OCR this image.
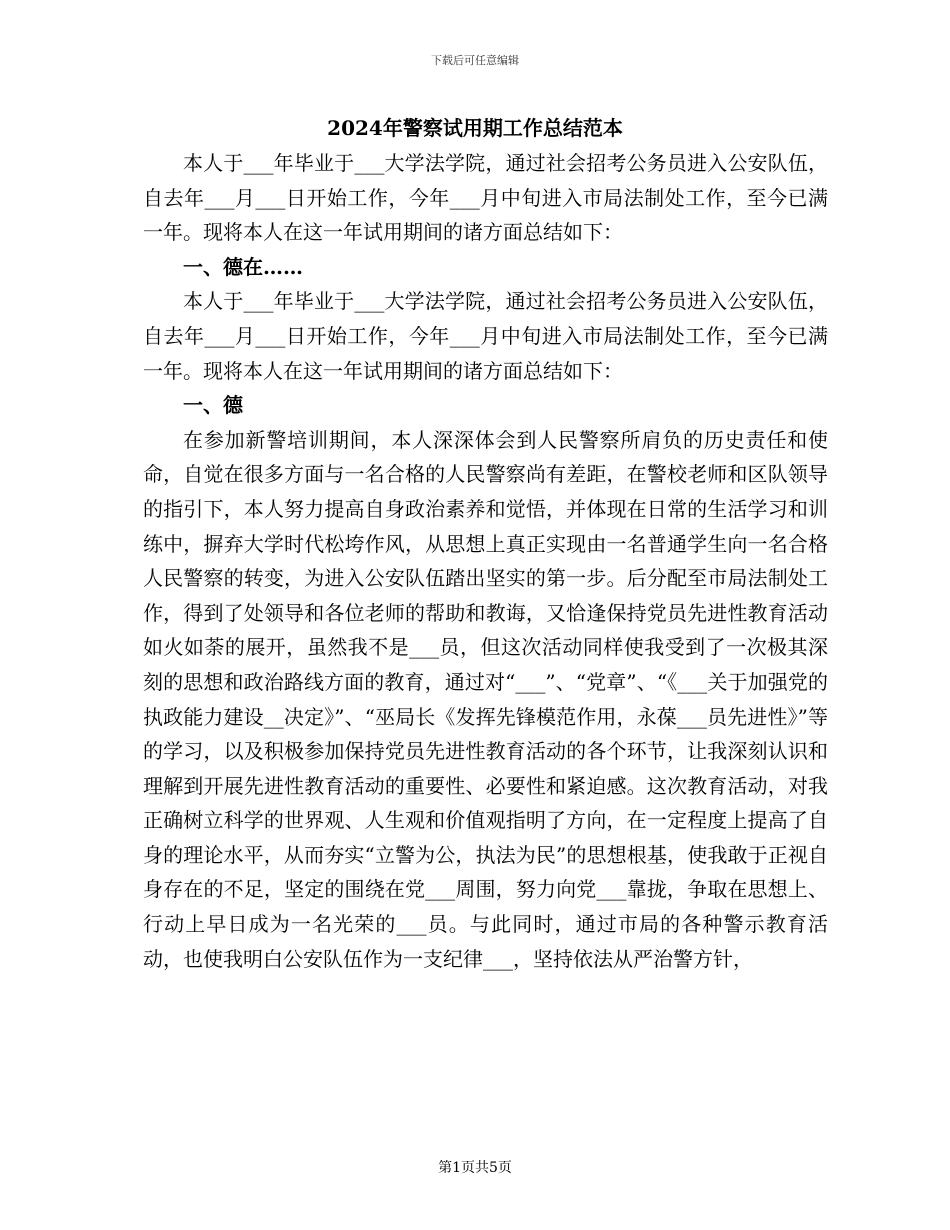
下载后可任意编辑
2024年警察试用期工作总结范本

本人于___年毕业于___大学法学院，通过社会招考公务员进入公安队伍，自去年___月___日开始工作，今年___月中旬进入市局法制处工作，至今已满一年。现将本人在这一年试用期间的诸方面总结如下：

一、德在……

本人于___年毕业于___大学法学院，通过社会招考公务员进入公安队伍，自去年___月___日开始工作，今年___月中旬进入市局法制处工作，至今已满一年。现将本人在这一年试用期间的诸方面总结如下：

一、德

在参加新警培训期间，本人深深体会到人民警察所肩负的历史责任和使命，自觉在很多方面与一名合格的人民警察尚有差距，在警校老师和区队领导的指引下，本人努力提高自身政治素养和觉悟，并体现在日常的生活学习和训练中，摒弃大学时代松垮作风，从思想上真正实现由一名普通学生向一名合格人民警察的转变，为进入公安队伍踏出坚实的第一步。后分配至市局法制处工作，得到了处领导和各位老师的帮助和教诲，又恰逢保持党员先进性教育活动如火如荼的展开，虽然我不是___员，但这次活动同样使我受到了一次极其深刻的思想和政治路线方面的教育，通过对“___”、“党章”、“《___关于加强党的执政能力建设__决定》”、“巫局长《发挥先锋模范作用，永葆___员先进性》”等的学习，以及积极参加保持党员先进性教育活动的各个环节，让我深刻认识和理解到开展先进性教育活动的重要性、必要性和紧迫感。这次教育活动，对我正确树立科学的世界观、人生观和价值观指明了方向，在一定程度上提高了自身的理论水平，从而夯实“立警为公，执法为民”的思想根基，使我敢于正视自身存在的不足，坚定的围绕在党___周围，努力向党___靠拢，争取在思想上、行动上早日成为一名光荣的___员。与此同时，通过市局的各种警示教育活动，也使我明白公安队伍作为一支纪律___，坚持依法从严治警方针，

第1页共5页
